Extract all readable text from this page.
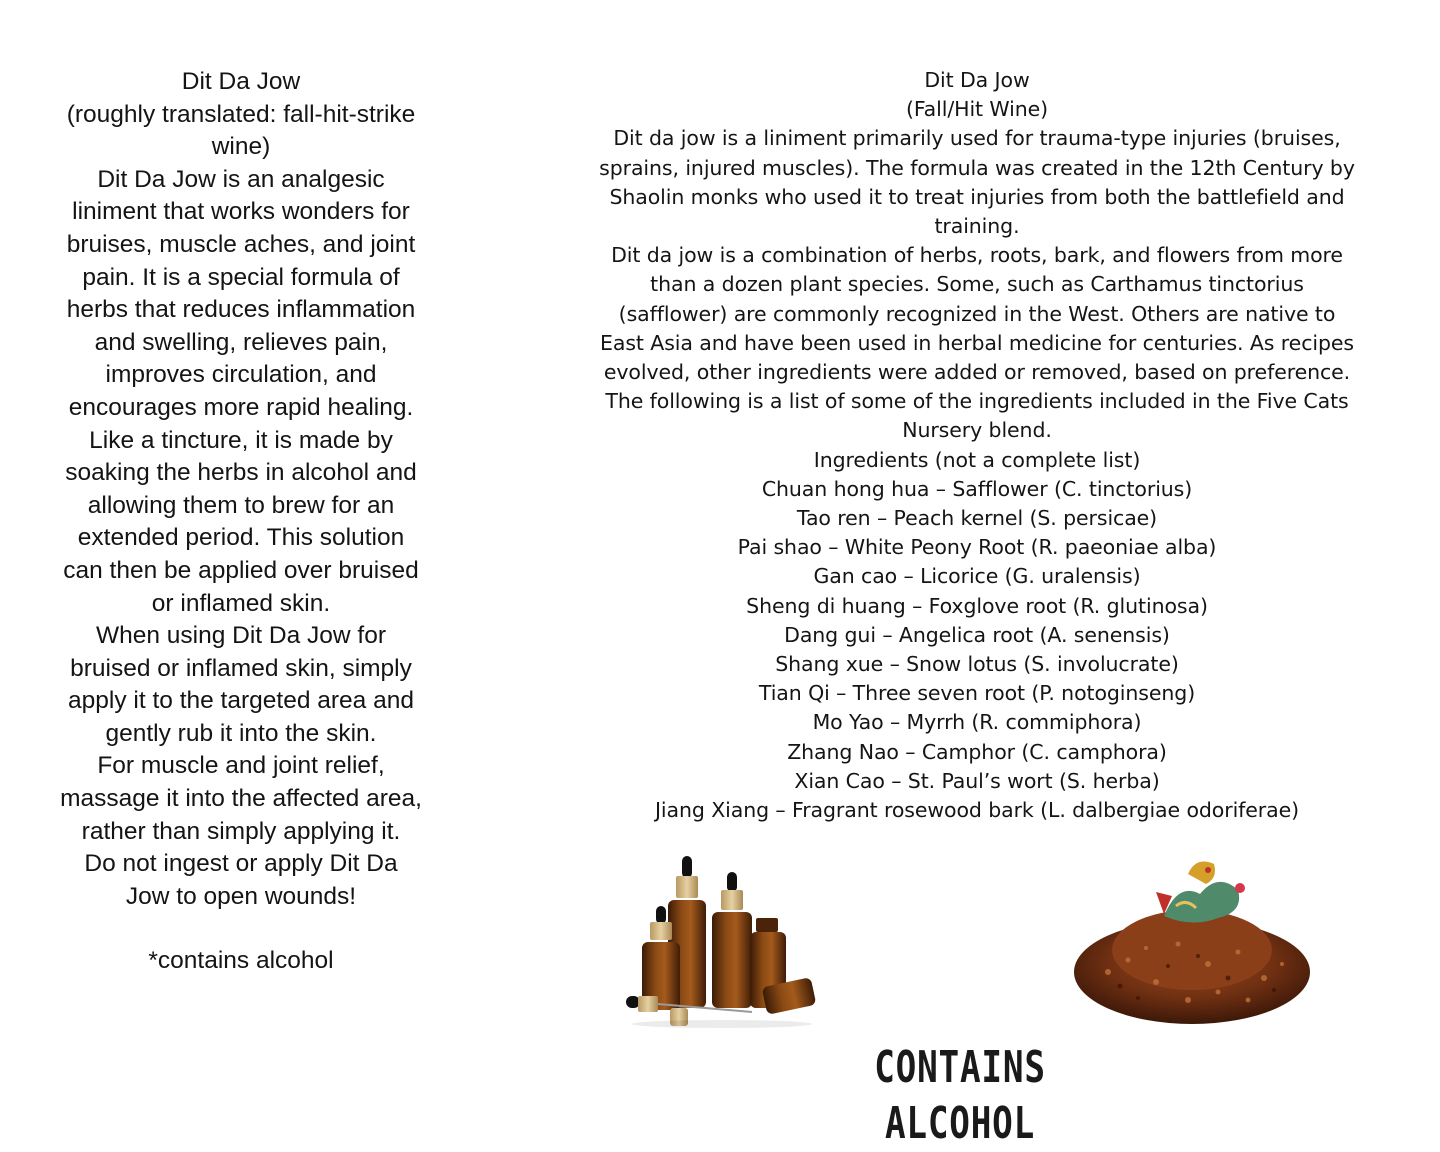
Dit Da Jow

(roughly translated: fall-hit-strike wine)

Dit Da Jow is an analgesic liniment that works wonders for bruises, muscle aches, and joint pain. It is a special formula of herbs that reduces inflammation and swelling, relieves pain, improves circulation, and encourages more rapid healing.

Like a tincture, it is made by soaking the herbs in alcohol and allowing them to brew for an extended period. This solution can then be applied over bruised or inflamed skin.

When using Dit Da Jow for bruised or inflamed skin, simply apply it to the targeted area and gently rub it into the skin.

For muscle and joint relief, massage it into the affected area, rather than simply applying it.

Do not ingest or apply Dit Da Jow to open wounds!

*contains alcohol

Dit Da Jow

(Fall/Hit Wine)

Dit da jow is a liniment primarily used for trauma-type injuries (bruises, sprains, injured muscles). The formula was created in the 12th Century by Shaolin monks who used it to treat injuries from both the battlefield and training.

Dit da jow is a combination of herbs, roots, bark, and flowers from more than a dozen plant species. Some, such as Carthamus tinctorius (safflower) are commonly recognized in the West. Others are native to East Asia and have been used in herbal medicine for centuries. As recipes evolved, other ingredients were added or removed, based on preference. The following is a list of some of the ingredients included in the Five Cats Nursery blend.

Ingredients (not a complete list)

Chuan hong hua – Safflower (C. tinctorius)
Tao ren – Peach kernel (S. persicae)
Pai shao – White Peony Root (R. paeoniae alba)
Gan cao – Licorice (G. uralensis)
Sheng di huang – Foxglove root (R. glutinosa)
Dang gui – Angelica root (A. senensis)
Shang xue – Snow lotus (S. involucrate)
Tian Qi – Three seven root (P. notoginseng)
Mo Yao – Myrrh (R. commiphora)
Zhang Nao – Camphor (C. camphora)
Xian Cao – St. Paul’s wort (S. herba)
Jiang Xiang – Fragrant rosewood bark (L. dalbergiae odoriferae)
CONTAINS ALCOHOL
